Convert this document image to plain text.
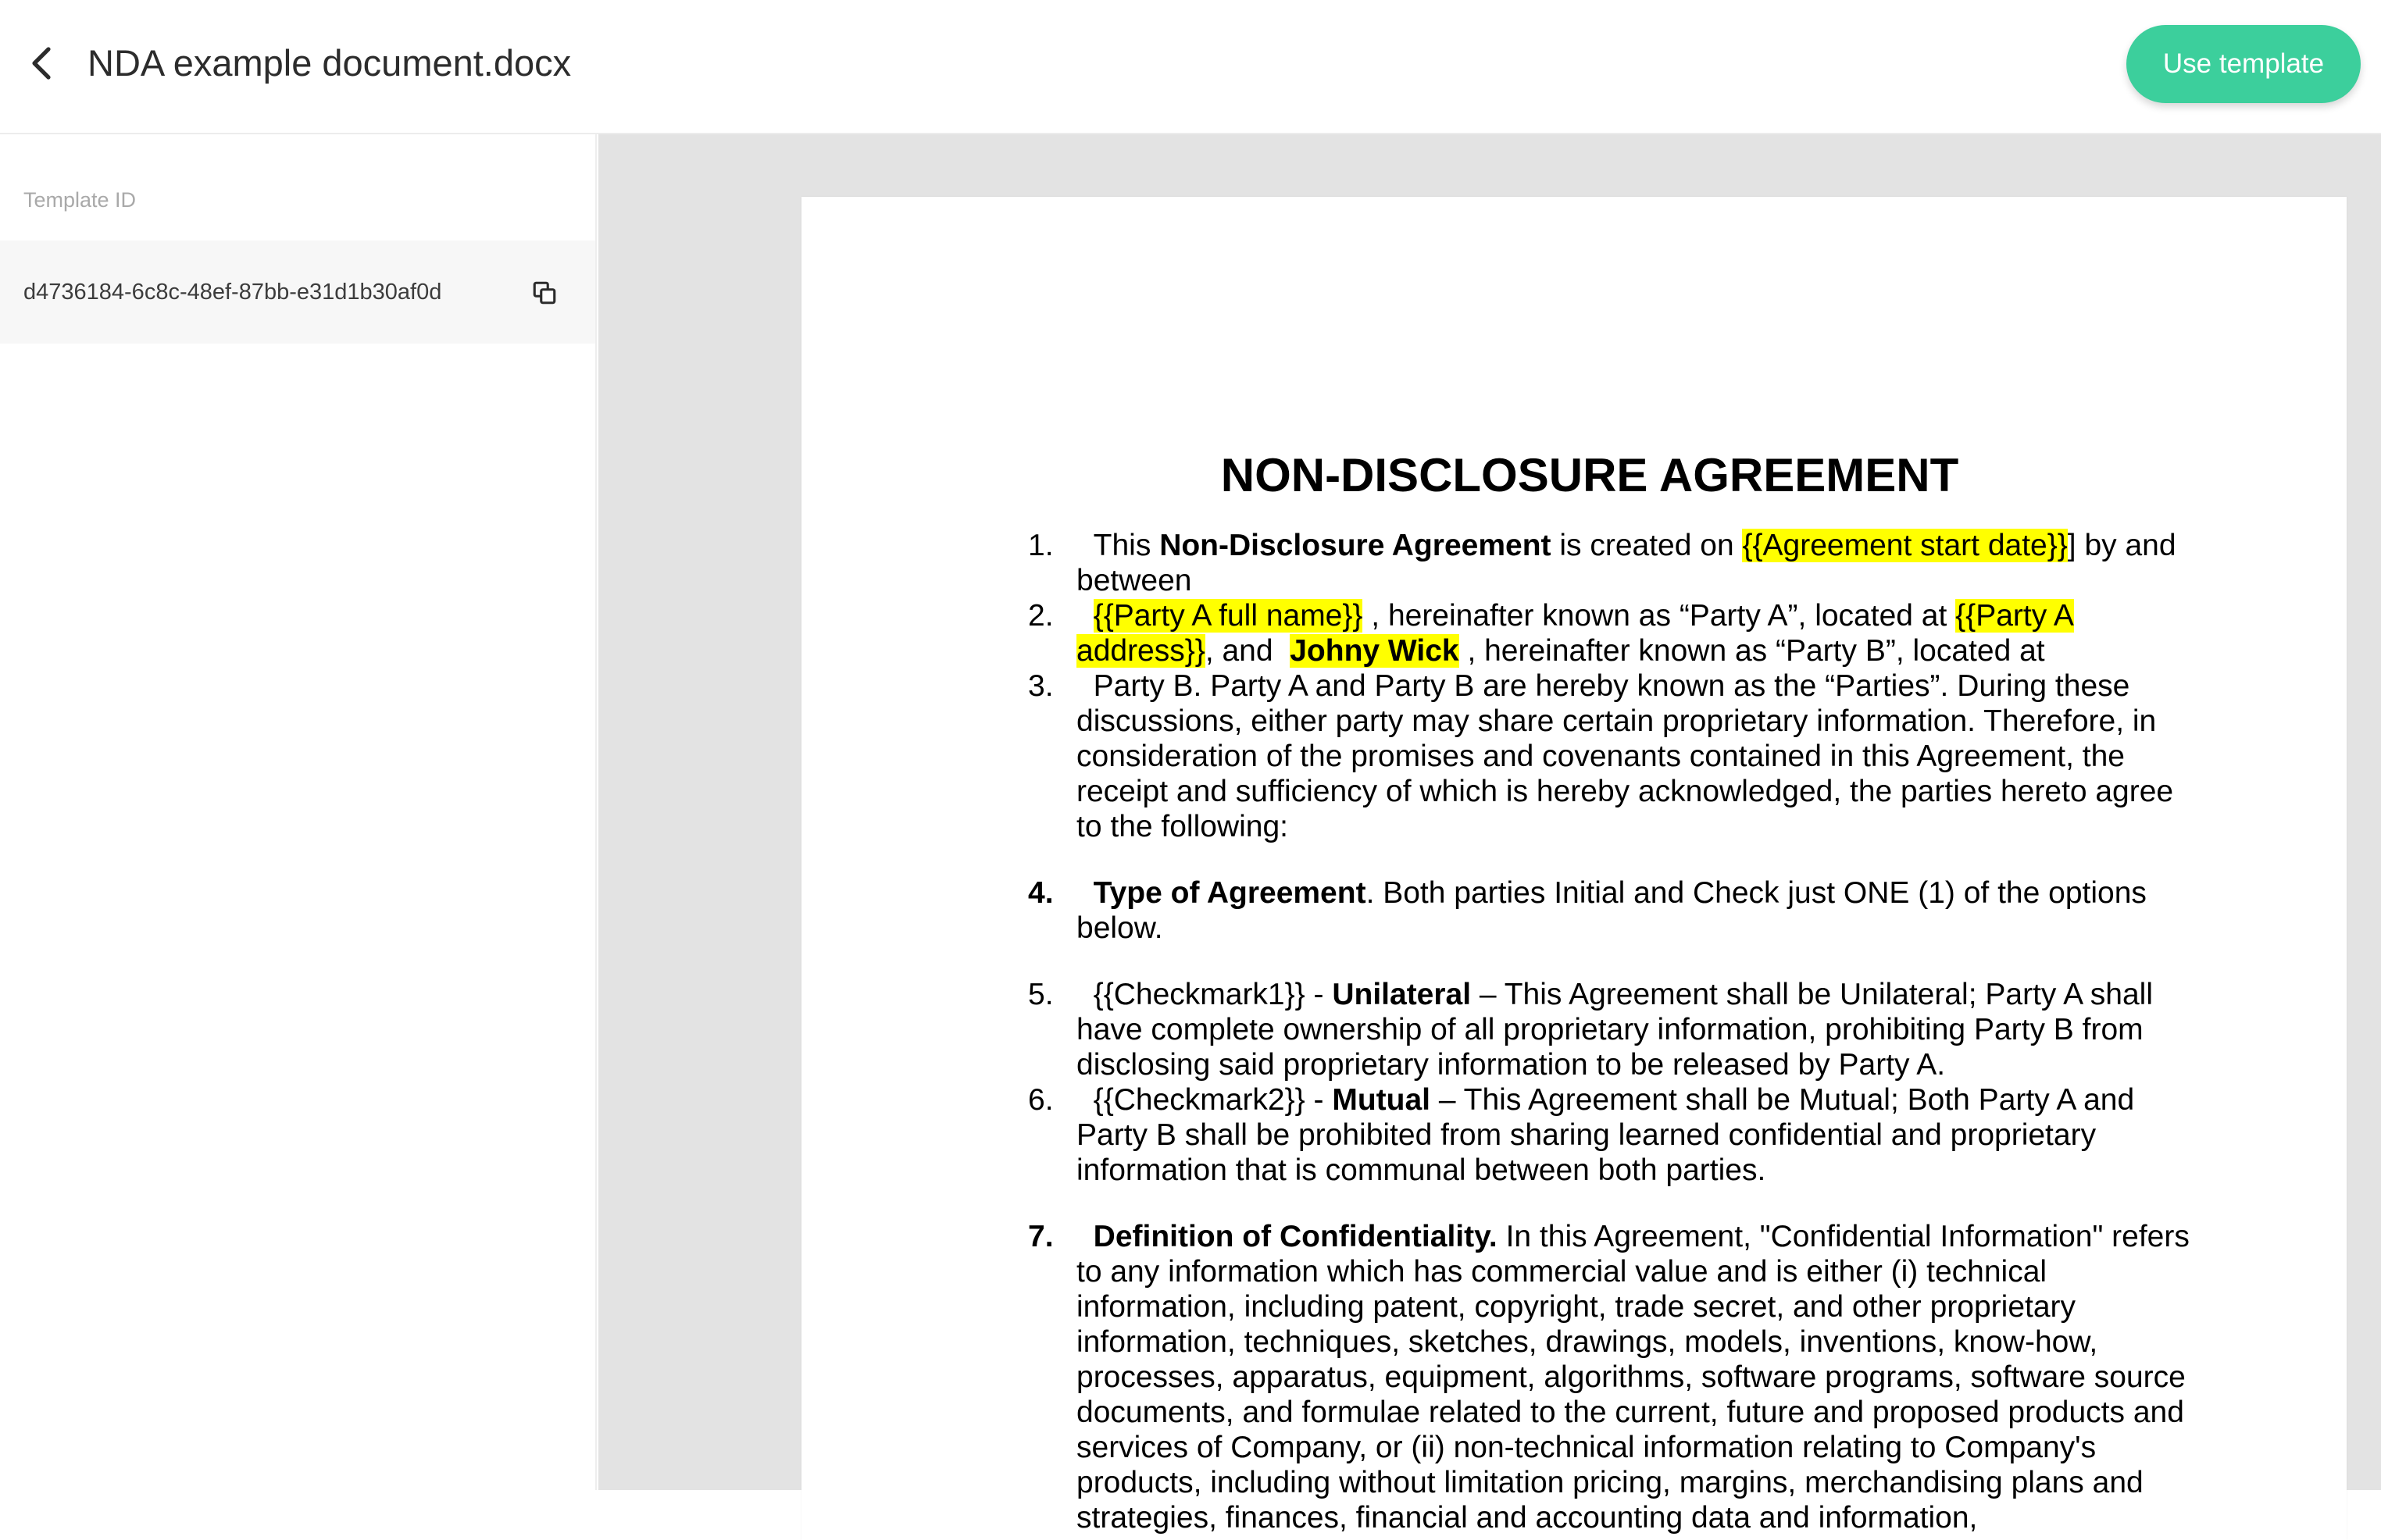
NDA example document.docx	Use template
Template ID
d4736184-6c8c-48ef-87bb-e31d1b30af0d
NON-DISCLOSURE AGREEMENT
1. This Non-Disclosure Agreement is created on {{Agreement start date}}] by and between
2.	{{Party A full name}} , hereinafter known as “Party A”, located at {{Party A address}}, and  Johny Wick , hereinafter known as “Party B”, located at
3. Party B. Party A and Party B are hereby known as the “Parties”. During these discussions, either party may share certain proprietary information. Therefore, in consideration of the promises and covenants contained in this Agreement, the receipt and sufficiency of which is hereby acknowledged, the parties hereto agree to the following:
4.	Type of Agreement. Both parties Initial and Check just ONE (1) of the options below.
5. {{Checkmark1}} - Unilateral – This Agreement shall be Unilateral; Party A shall have complete ownership of all proprietary information, prohibiting Party B from disclosing said proprietary information to be released by Party A.
6. {{Checkmark2}} - Mutual – This Agreement shall be Mutual; Both Party A and Party B shall be prohibited from sharing learned confidential and proprietary information that is communal between both parties.
7.	Definition of Confidentiality. In this Agreement, "Confidential Information" refers to any information which has commercial value and is either (i) technical information, including patent, copyright, trade secret, and other proprietary information, techniques, sketches, drawings, models, inventions, know-how, processes, apparatus, equipment, algorithms, software programs, software source documents, and formulae related to the current, future and proposed products and services of Company, or (ii) non-technical information relating to Company's products, including without limitation pricing, margins, merchandising plans and strategies, finances, financial and accounting data and information,
